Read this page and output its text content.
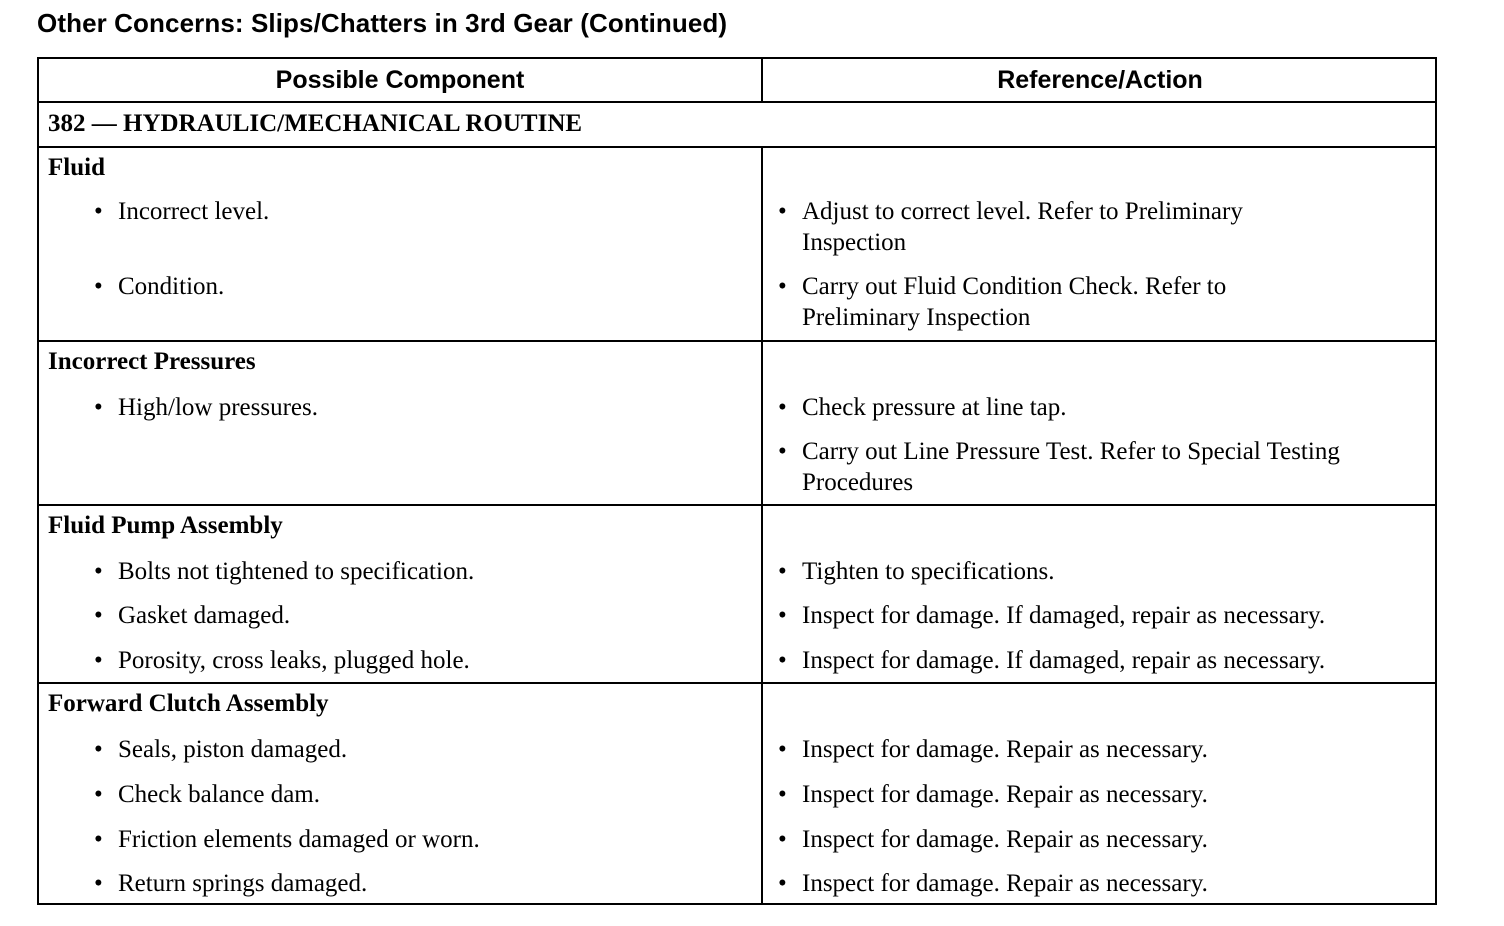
Other Concerns: Slips/Chatters in 3rd Gear (Continued)
Possible Component	Reference/Action
382 — HYDRAULIC/MECHANICAL ROUTINE
Fluid
• Incorrect level.
• Condition.
• Adjust to correct level. Refer to Preliminary
Inspection
• Carry out Fluid Condition Check. Refer to
Preliminary Inspection
Incorrect Pressures
• High/low pressures.	• Check pressure at line tap.
• Carry out Line Pressure Test. Refer to Special Testing
Procedures
Fluid Pump Assembly
• Bolts not tightened to specification.
• Gasket damaged.
• Porosity, cross leaks, plugged hole.
• Tighten to specifications.
• Inspect for damage. If damaged, repair as necessary.
• Inspect for damage. If damaged, repair as necessary.
Forward Clutch Assembly
• Seals, piston damaged.
• Check balance dam.
• Friction elements damaged or worn.
• Return springs damaged.
• Inspect for damage. Repair as necessary.
• Inspect for damage. Repair as necessary.
• Inspect for damage. Repair as necessary.
• Inspect for damage. Repair as necessary.
